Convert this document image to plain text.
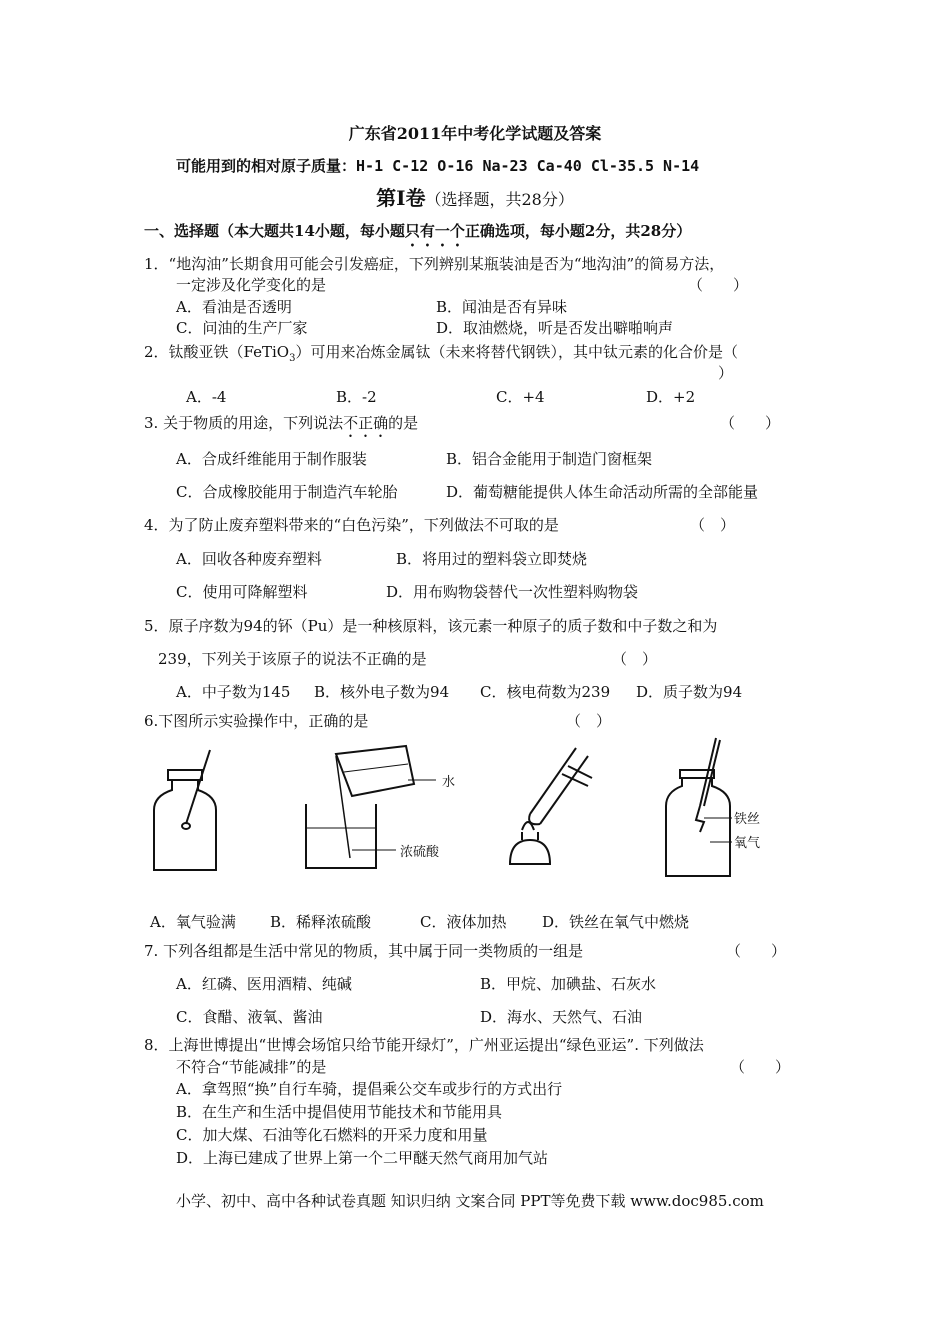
广东省2011年中考化学试题及答案
可能用到的相对原子质量：H-1 C-12 O-16 Na-23 Ca-40 Cl-35.5 N-14
第Ⅰ卷（选择题，共28分）
一、选择题（本大题共14小题，每小题只有一个正确选项，每小题2分，共28分）
1．“地沟油”长期食用可能会引发癌症，下列辨别某瓶装油是否为“地沟油”的简易方法，
一定涉及化学变化的是	（　　）
A．看油是否透明	B．闻油是否有异味
C．问油的生产厂家	D．取油燃烧，听是否发出噼啪响声
2．钛酸亚铁（FeTiO$_3$）可用来冶炼金属钛（未来将替代钢铁），其中钛元素的化合价是（
）
A．-4	B．-2	C．+4	D．+2
3. 关于物质的用途，下列说法不正确的是	（　　）
A．合成纤维能用于制作服装	B．铝合金能用于制造门窗框架
C．合成橡胶能用于制造汽车轮胎	D．葡萄糖能提供人体生命活动所需的全部能量
4．为了防止废弃塑料带来的“白色污染”，下列做法不可取的是	（　）
A．回收各种废弃塑料	B．将用过的塑料袋立即焚烧
C．使用可降解塑料	D．用布购物袋替代一次性塑料购物袋
5．原子序数为94的钚（Pu）是一种核原料，该元素一种原子的质子数和中子数之和为
239，下列关于该原子的说法不正确的是	（　）
A．中子数为145 B．核外电子数为94 C．核电荷数为239 D．质子数为94
6.下图所示实验操作中，正确的是	（　）
水
浓硫酸
铁丝
氧气
A．氧气验满 B．稀释浓硫酸	C．液体加热 D．铁丝在氧气中燃烧
7. 下列各组都是生活中常见的物质，其中属于同一类物质的一组是	（　　）
A．红磷、医用酒精、纯碱	B．甲烷、加碘盐、石灰水
C．食醋、液氧、酱油	D．海水、天然气、石油
8．上海世博提出“世博会场馆只给节能开绿灯”，广州亚运提出“绿色亚运”. 下列做法
不符合“节能减排”的是	（　　）
A．拿驾照“换”自行车骑，提倡乘公交车或步行的方式出行
B．在生产和生活中提倡使用节能技术和节能用具
C．加大煤、石油等化石燃料的开采力度和用量
D．上海已建成了世界上第一个二甲醚天然气商用加气站
小学、初中、高中各种试卷真题 知识归纳 文案合同 PPT等免费下载 www.doc985.com
